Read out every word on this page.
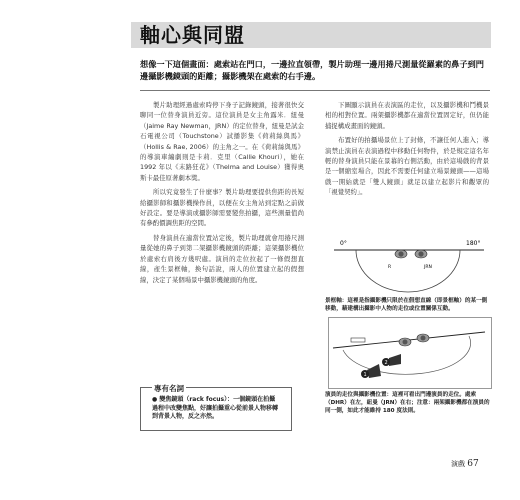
軸心與同盟
想像一下這個畫面：處索站在門口，一邊拉直領帶，製片助理一邊用捲尺測量從羅素的鼻子到門邊攝影機鏡頭的距離；攝影機架在處索的右手邊。

製片助理經過處索時停下身子記錄鏡頭，接著很快交聊同一位替身演員近旁。這位演員是女主角露米．紐曼（Jaime Ray Newman，JRN）的定位替身，紐曼是試金石電視公司（Touchstone）試播影集《荷莉絲與馬》（Hollis & Rae, 2006）的主角之一。在《荷莉絲與馬》的導演車編劇則是卡莉．克里（Callie Khouri），她在 1992 年以《末路狂花》（Thelma and Louise）獲得奧斯卡最佳原著劇本獎。

所以究竟發生了什麼事？製片助理要提供焦距的長短給攝影師和攝影機操作員，以便在女主角站到定點之前做好設定。要是導演或攝影師需要變焦拍攝，這些測量值尚有參酌價調焦距的空間。

替身演員在適當位置站定後，製片助理就會用捲尺測量從她的鼻子到第二架攝影機鏡頭的距離；這架攝影機位於處索右肩後方幾呎處。演員的走位拉起了一條假想直線，產生景框軸，換句話說，兩人的位置建立起的假想線，決定了某個場景中攝影機鏡頭的角度。

專有名詞
● 變焦鏡頭（rack focus）：一個鏡頭在拍攝過程中改變焦點，好讓拍攝重心從前景人物移轉到背景人物，反之亦然。

下圖顯示演員在表演區的走位，以及攝影機和鬥機景相的相對位置。兩架攝影機都在適當位置固定好，但仍能捕捉構成畫面的鏡頭。

布置好的拍攝場景位上了封條，不讓任何人進入；導演禁止演員在表演過程中移動任何物件，於是規定這名年輕的替身演員只能在景幕的右側活動，由於這場戲的背景是一個縮室場合，因此不需要任何建立場景鏡頭——這場戲一開始就是「雙人鏡頭」就足以建立起影片和觀眾的「視覺契約」。

0°	180°
R	JRN
景框軸：這裡是指攝影機只限於在假想直線（即景框軸）的某一側移動，藉建構出攝影中人物的走位或位置關係互動。
1
2
演員的走位與攝影機位置：這裡可看出門邊演員的走位。處索（DHR）在左，紐曼（JRN）在右；注意：兩架攝影機都在演員的同一側，如此才能維持 180 度法則。
演戲 67
